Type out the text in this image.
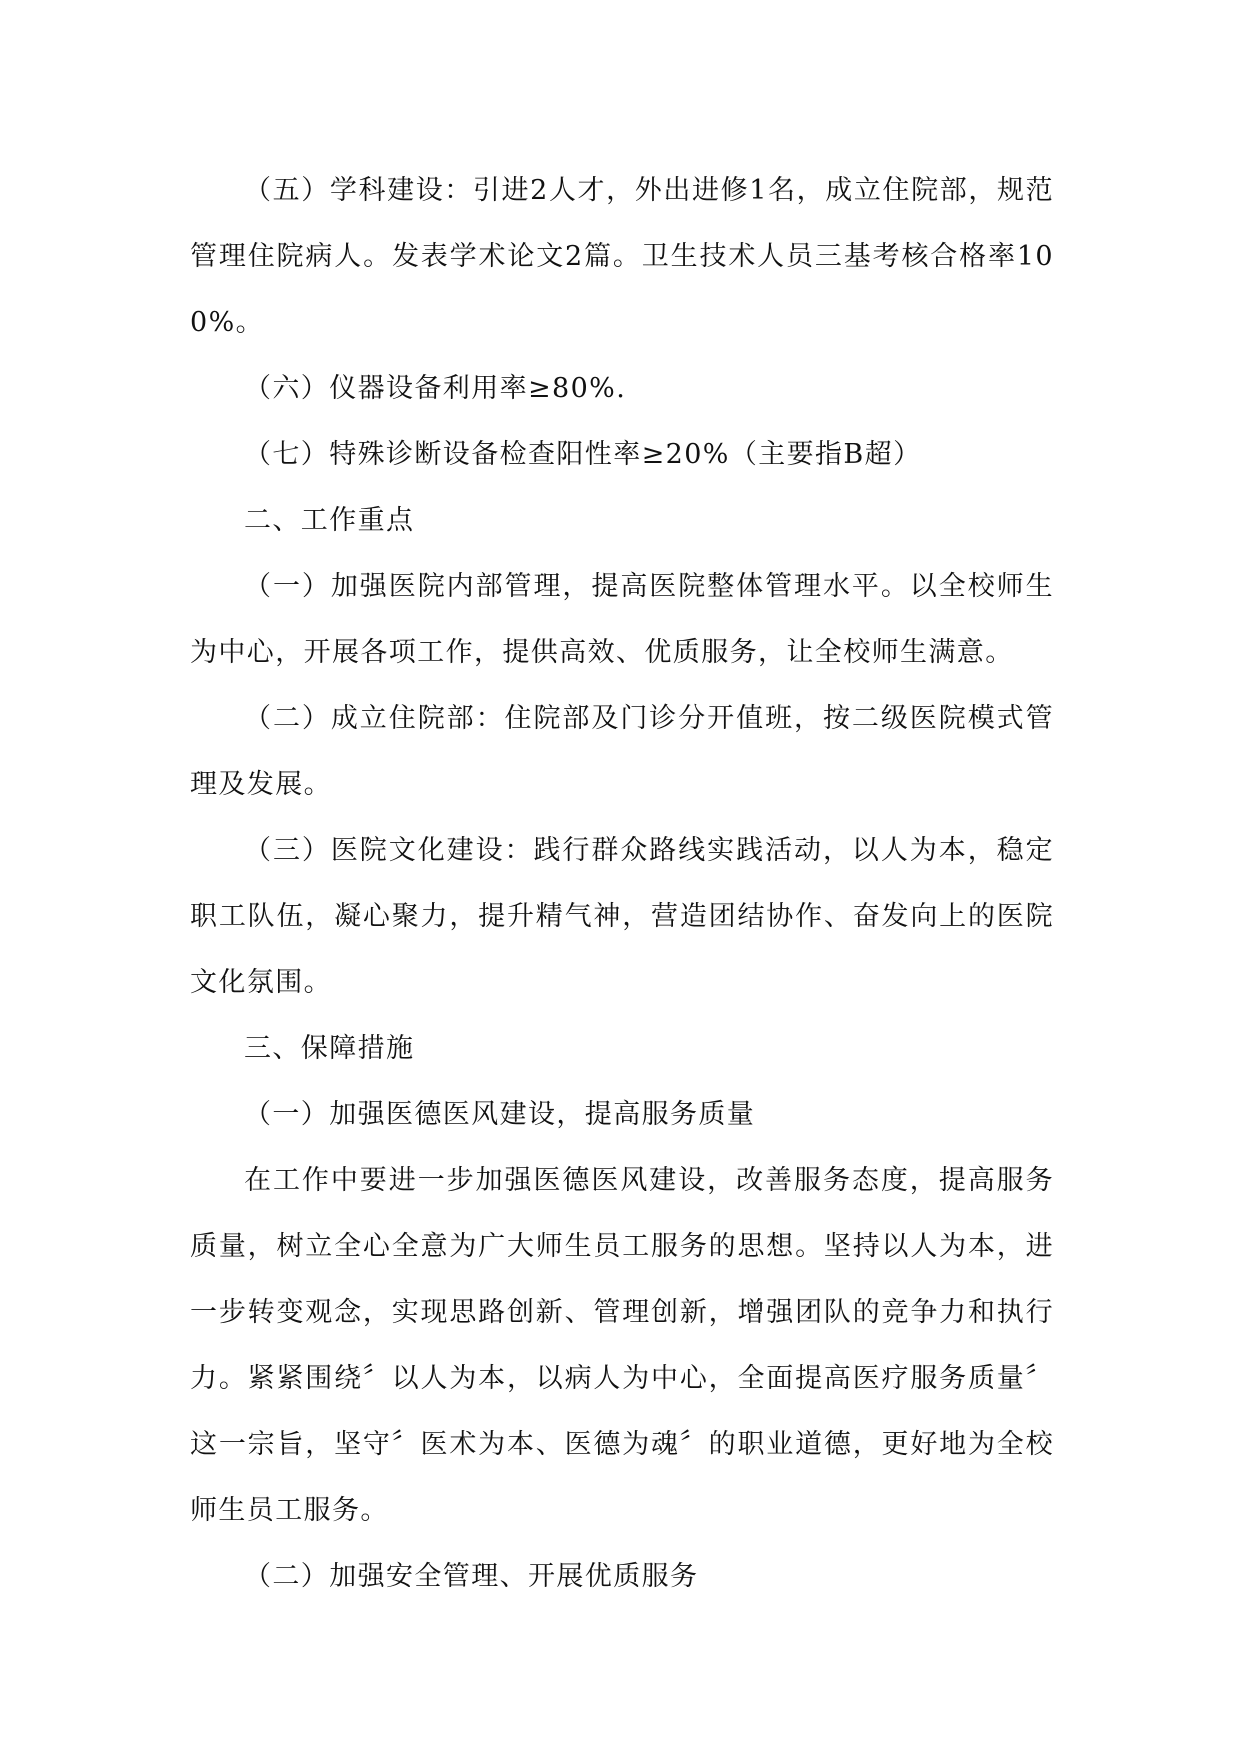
（五）学科建设：引进2人才，外出进修1名，成立住院部，规范管理住院病人。发表学术论文2篇。卫生技术人员三基考核合格率100%。

（六）仪器设备利用率≥80%.

（七）特殊诊断设备检查阳性率≥20%（主要指B超）

二、工作重点

（一）加强医院内部管理，提高医院整体管理水平。以全校师生为中心，开展各项工作，提供高效、优质服务，让全校师生满意。

（二）成立住院部：住院部及门诊分开值班，按二级医院模式管理及发展。

（三）医院文化建设：践行群众路线实践活动，以人为本，稳定职工队伍，凝心聚力，提升精气神，营造团结协作、奋发向上的医院文化氛围。

三、保障措施

（一）加强医德医风建设，提高服务质量

在工作中要进一步加强医德医风建设，改善服务态度，提高服务质量，树立全心全意为广大师生员工服务的思想。坚持以人为本，进一步转变观念，实现思路创新、管理创新，增强团队的竞争力和执行力。紧紧围绕〞以人为本，以病人为中心，全面提高医疗服务质量〞这一宗旨，坚守〞医术为本、医德为魂〞的职业道德，更好地为全校师生员工服务。

（二）加强安全管理、开展优质服务
